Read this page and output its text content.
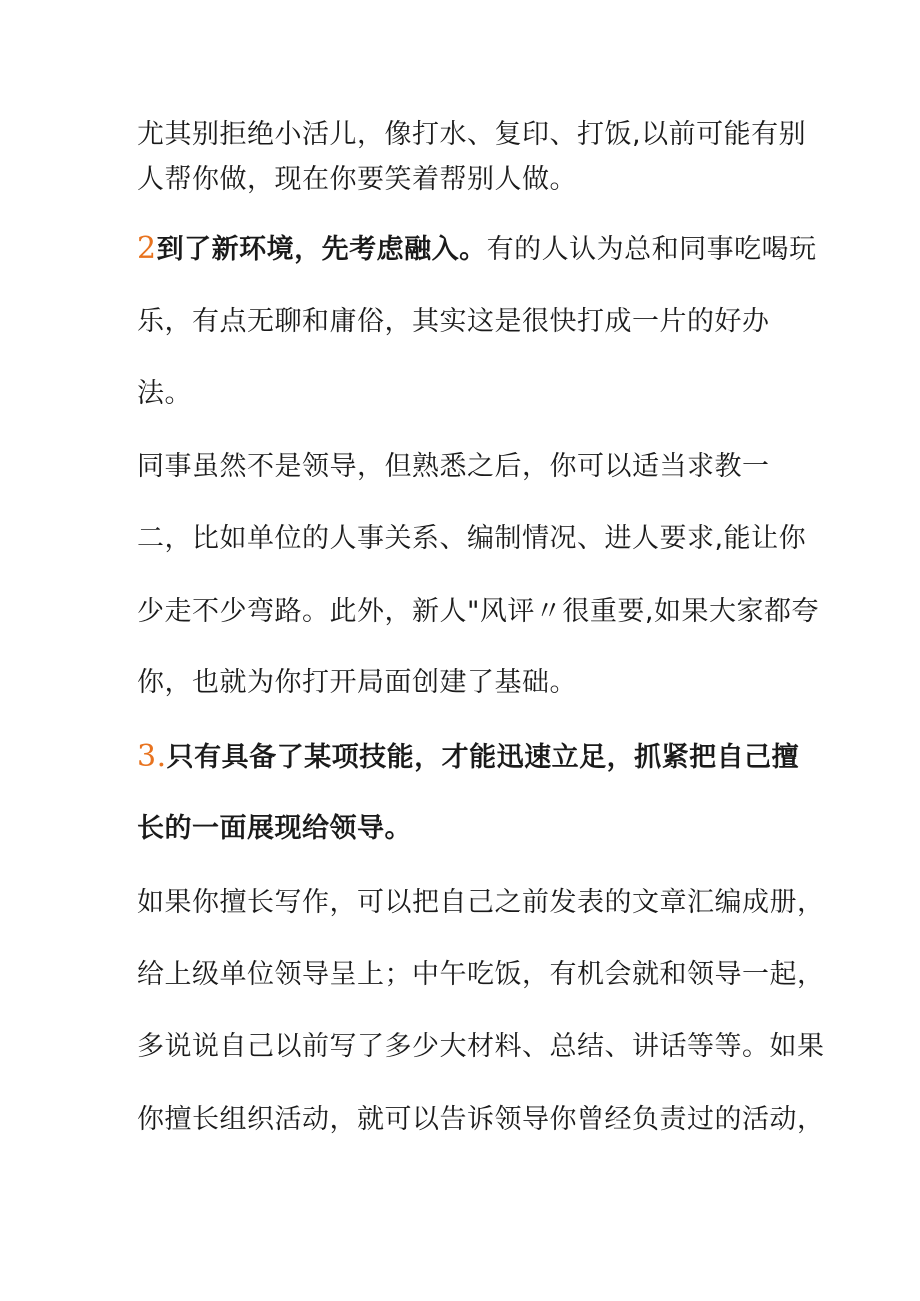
尤其别拒绝小活儿，像打水、复印、打饭,以前可能有别
人帮你做，现在你要笑着帮别人做。
2到了新环境，先考虑融入。有的人认为总和同事吃喝玩
乐，有点无聊和庸俗，其实这是很快打成一片的好办
法。
同事虽然不是领导，但熟悉之后，你可以适当求教一
二，比如单位的人事关系、编制情况、进人要求,能让你
少走不少弯路。此外，新人"风评〃很重要,如果大家都夸
你，也就为你打开局面创建了基础。
3.只有具备了某项技能，才能迅速立足，抓紧把自己擅
长的一面展现给领导。
如果你擅长写作，可以把自己之前发表的文章汇编成册，
给上级单位领导呈上；中午吃饭，有机会就和领导一起，
多说说自己以前写了多少大材料、总结、讲话等等。如果
你擅长组织活动，就可以告诉领导你曾经负责过的活动，
